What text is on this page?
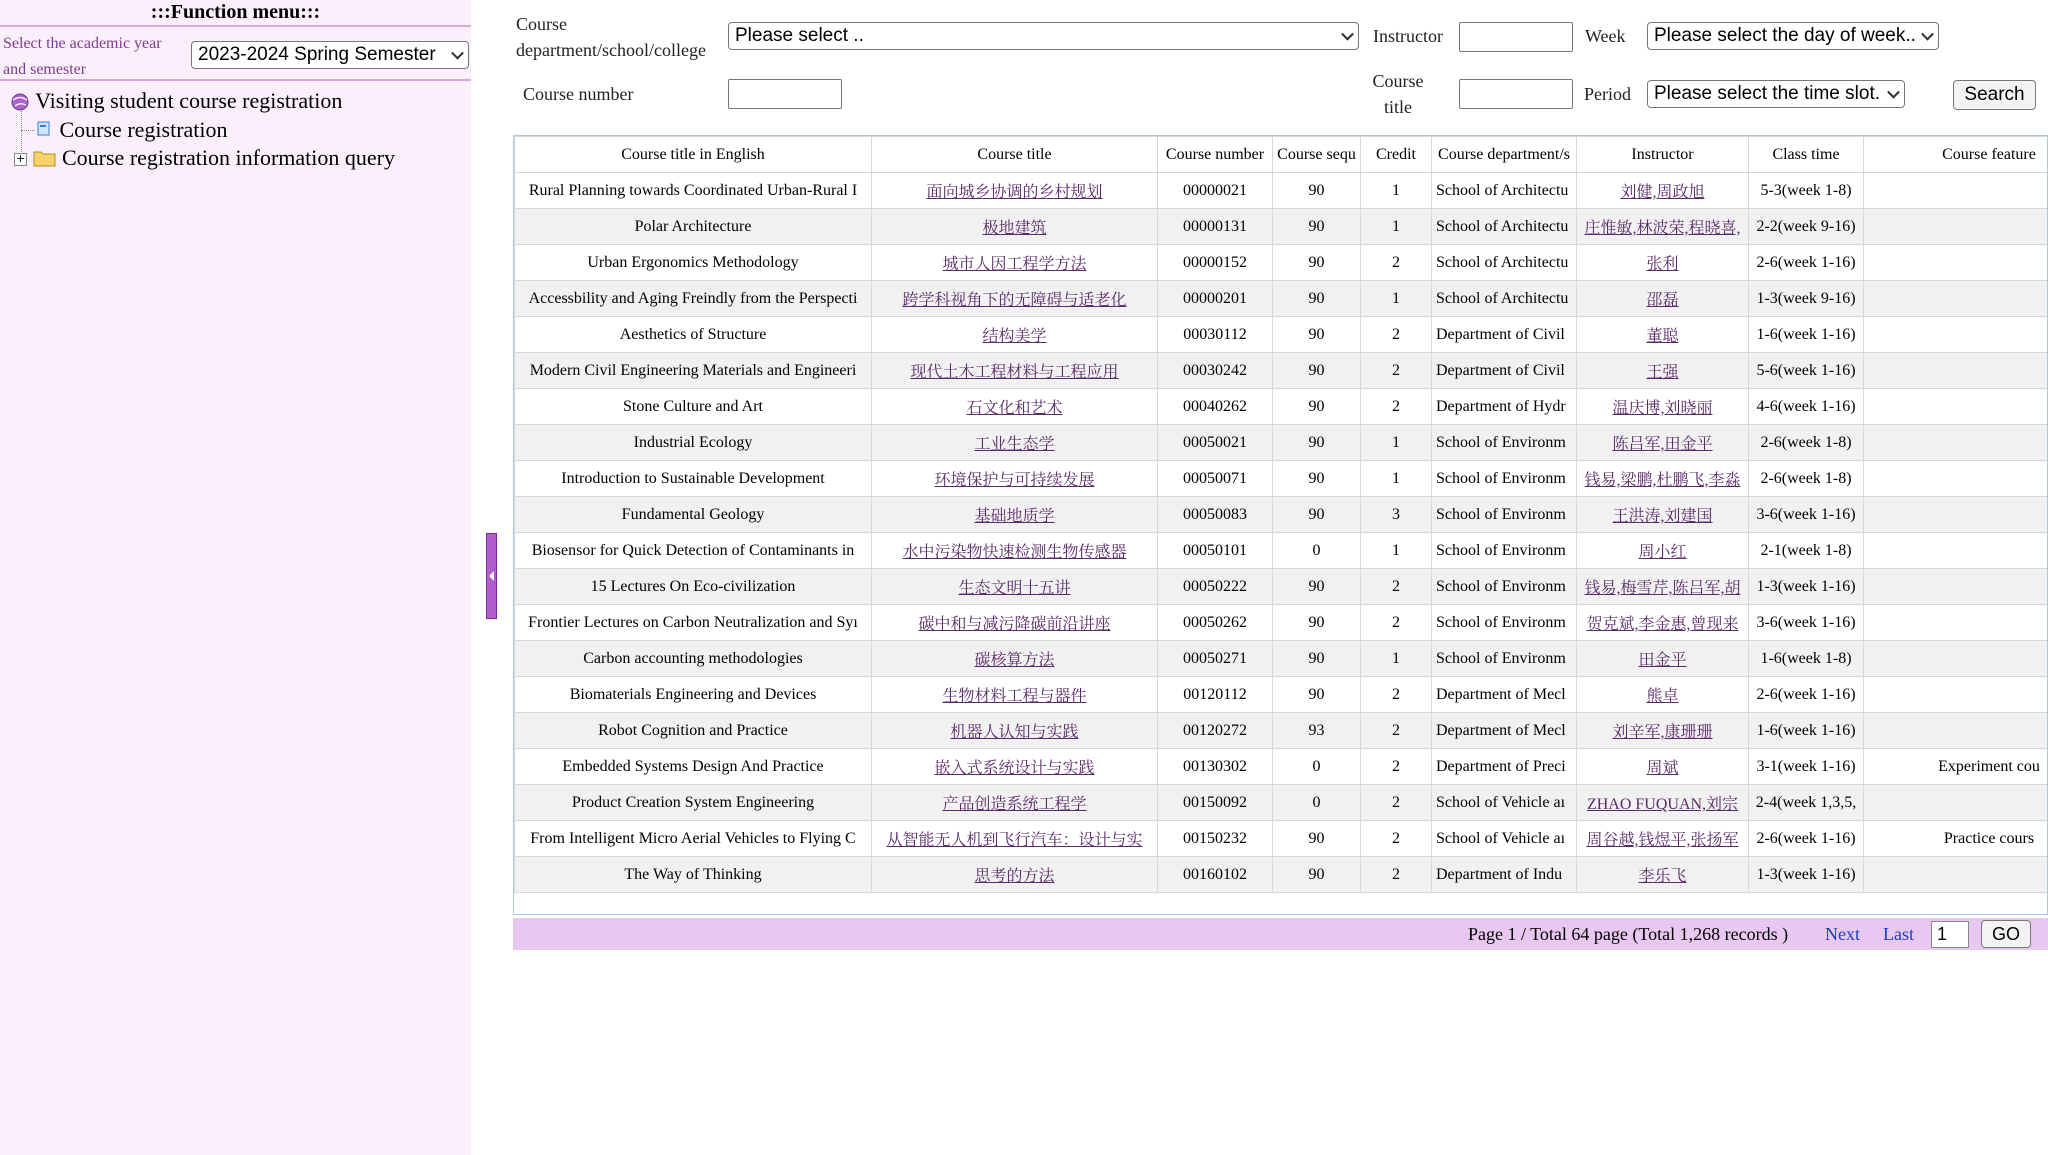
:::Function menu:::
Select the academic year and semester
2023-2024 Spring Semester
Visiting student course registration
Course registration
+ Course registration information query
Course department/school/college
Please select ..	Instructor	Week	Please select the day of week..
Course number
Course title
Period	Please select the time slot.	Search
Course title in English	Course title	Course number	Course sequ	Credit	Course department/s	Instructor	Class time	Course feature
Rural Planning towards Coordinated Urban-Rural I	面向城乡协调的乡村规划	00000021	90	1	School of Architectu	刘健,周政旭	5-3(week 1-8)	
Polar Architecture	极地建筑	00000131	90	1	School of Architectu	庄惟敏,林波荣,程晓喜,	2-2(week 9-16)	
Urban Ergonomics Methodology	城市人因工程学方法	00000152	90	2	School of Architectu	张利	2-6(week 1-16)	
Accessbility and Aging Freindly from the Perspecti	跨学科视角下的无障碍与适老化	00000201	90	1	School of Architectu	邵磊	1-3(week 9-16)	
Aesthetics of Structure	结构美学	00030112	90	2	Department of Civil	董聪	1-6(week 1-16)	
Modern Civil Engineering Materials and Engineeri	现代土木工程材料与工程应用	00030242	90	2	Department of Civil	王强	5-6(week 1-16)	
Stone Culture and Art	石文化和艺术	00040262	90	2	Department of Hydr	温庆博,刘晓丽	4-6(week 1-16)	
Industrial Ecology	工业生态学	00050021	90	1	School of Environm	陈吕军,田金平	2-6(week 1-8)	
Introduction to Sustainable Development	环境保护与可持续发展	00050071	90	1	School of Environm	钱易,梁鹏,杜鹏飞,李淼	2-6(week 1-8)	
Fundamental Geology	基础地质学	00050083	90	3	School of Environm	王洪涛,刘建国	3-6(week 1-16)	
Biosensor for Quick Detection of Contaminants in	水中污染物快速检测生物传感器	00050101	0	1	School of Environm	周小红	2-1(week 1-8)	
15 Lectures On Eco-civilization	生态文明十五讲	00050222	90	2	School of Environm	钱易,梅雪芹,陈吕军,胡	1-3(week 1-16)	
Frontier Lectures on Carbon Neutralization and Syı	碳中和与减污降碳前沿讲座	00050262	90	2	School of Environm	贺克斌,李金惠,曾现来	3-6(week 1-16)	
Carbon accounting methodologies	碳核算方法	00050271	90	1	School of Environm	田金平	1-6(week 1-8)	
Biomaterials Engineering and Devices	生物材料工程与器件	00120112	90	2	Department of Mecl	熊卓	2-6(week 1-16)	
Robot Cognition and Practice	机器人认知与实践	00120272	93	2	Department of Mecl	刘辛军,康珊珊	1-6(week 1-16)	
Embedded Systems Design And Practice	嵌入式系统设计与实践	00130302	0	2	Department of Preci	周斌	3-1(week 1-16)	Experiment cou
Product Creation System Engineering	产品创造系统工程学	00150092	0	2	School of Vehicle aı	ZHAO FUQUAN,刘宗	2-4(week 1,3,5,	
From Intelligent Micro Aerial Vehicles to Flying C	从智能无人机到飞行汽车：设计与实	00150232	90	2	School of Vehicle aı	周谷越,钱煜平,张扬军	2-6(week 1-16)	Practice cours
The Way of Thinking	思考的方法	00160102	90	2	Department of Indu	李乐飞	1-3(week 1-16)	
Page 1 / Total 64 page (Total 1,268 records ) Next Last	1	GO
